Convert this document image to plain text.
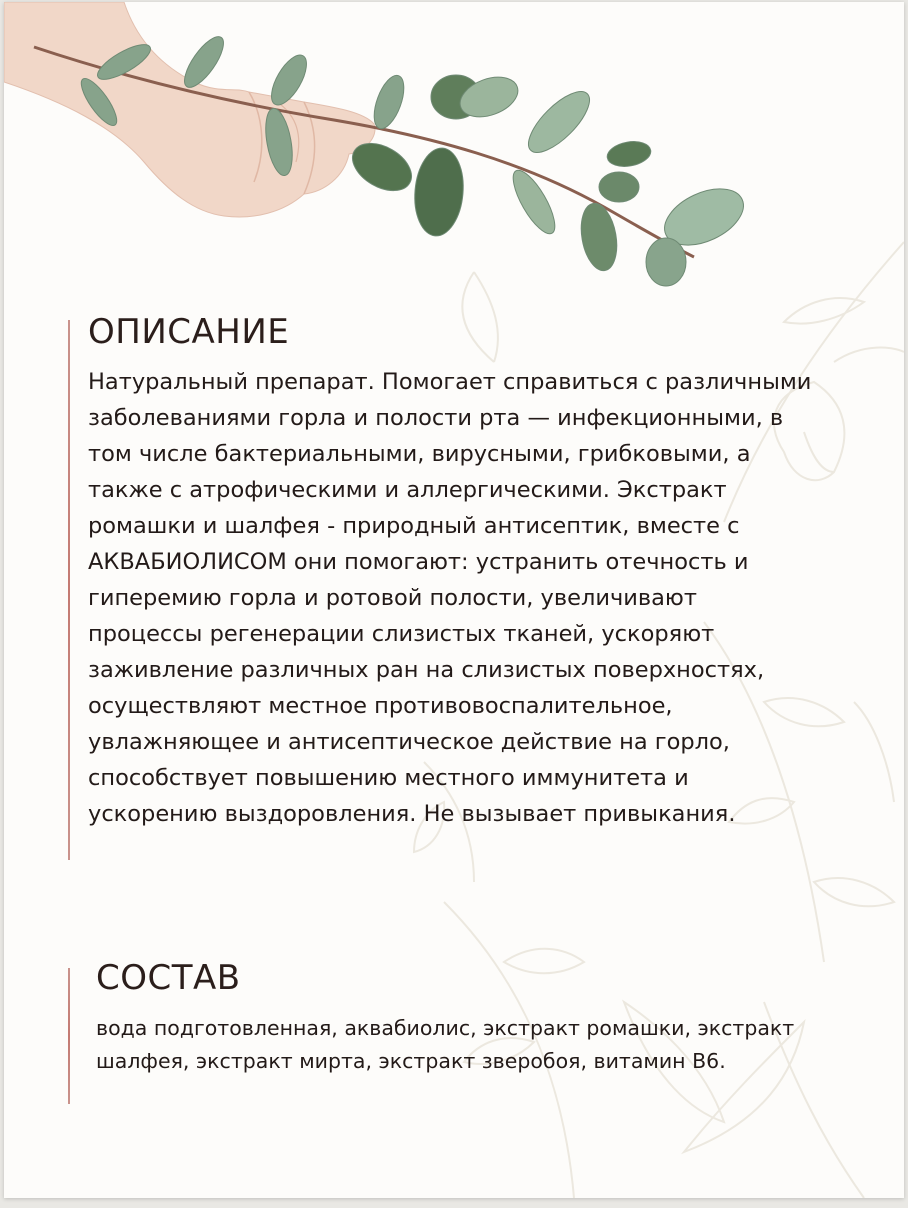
ОПИСАНИЕ

Натуральный препарат. Помогает справиться с различными заболеваниями горла и полости рта — инфекционными, в том числе бактериальными, вирусными, грибковыми, а также с атрофическими и аллергическими. Экстракт ромашки и шалфея - природный антисептик, вместе с АКВАБИОЛИСОМ они помогают: устранить отечность и гиперемию горла и ротовой полости, увеличивают процессы регенерации слизистых тканей, ускоряют заживление различных ран на слизистых поверхностях, осуществляют местное противовоспалительное, увлажняющее и антисептическое действие на горло, способствует повышению местного иммунитета и ускорению выздоровления. Не вызывает привыкания.

СОСТАВ

вода подготовленная, аквабиолис, экстракт ромашки, экстракт шалфея, экстракт мирта, экстракт зверобоя, витамин В6.
